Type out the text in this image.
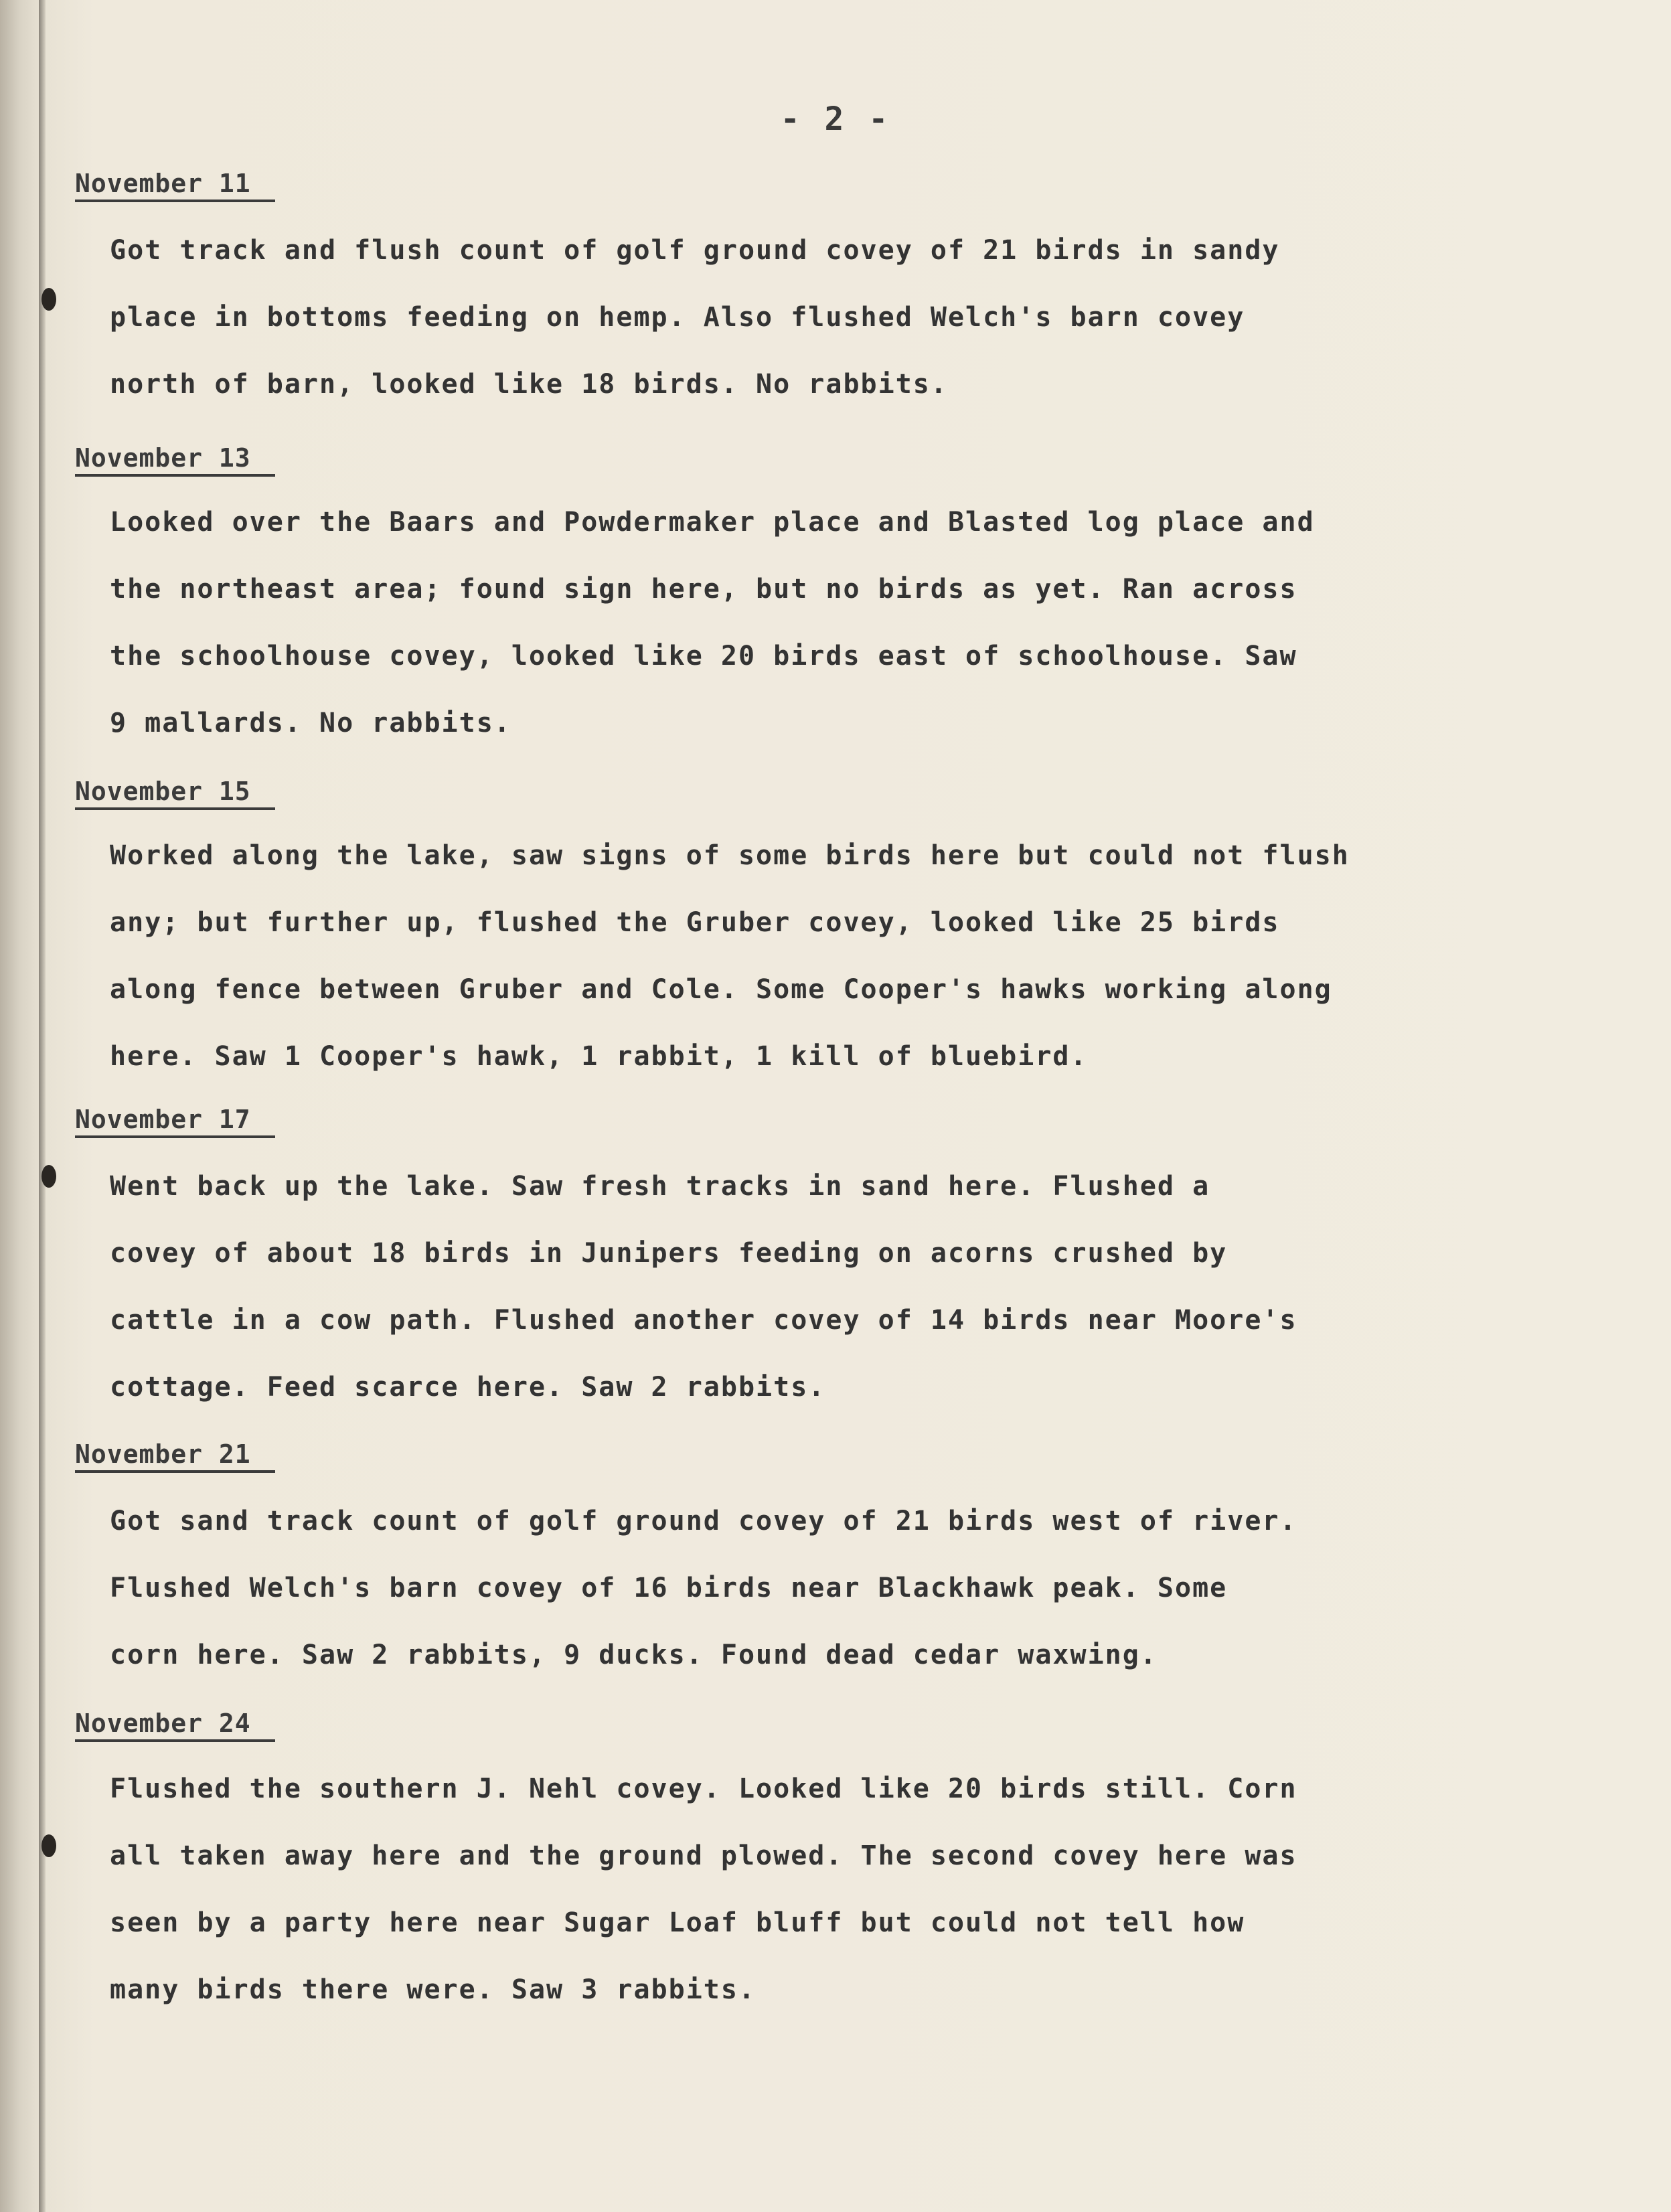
- 2 -
November 11
Got track and flush count of golf ground covey of 21 birds in sandy
place in bottoms feeding on hemp. Also flushed Welch's barn covey
north of barn, looked like 18 birds. No rabbits.
November 13
Looked over the Baars and Powdermaker place and Blasted log place and
the northeast area; found sign here, but no birds as yet. Ran across
the schoolhouse covey, looked like 20 birds east of schoolhouse. Saw
9 mallards. No rabbits.
November 15
Worked along the lake, saw signs of some birds here but could not flush
any; but further up, flushed the Gruber covey, looked like 25 birds
along fence between Gruber and Cole. Some Cooper's hawks working along
here. Saw 1 Cooper's hawk, 1 rabbit, 1 kill of bluebird.
November 17
Went back up the lake. Saw fresh tracks in sand here. Flushed a
covey of about 18 birds in Junipers feeding on acorns crushed by
cattle in a cow path. Flushed another covey of 14 birds near Moore's
cottage. Feed scarce here. Saw 2 rabbits.
November 21
Got sand track count of golf ground covey of 21 birds west of river.
Flushed Welch's barn covey of 16 birds near Blackhawk peak. Some
corn here. Saw 2 rabbits, 9 ducks. Found dead cedar waxwing.
November 24
Flushed the southern J. Nehl covey. Looked like 20 birds still. Corn
all taken away here and the ground plowed. The second covey here was
seen by a party here near Sugar Loaf bluff but could not tell how
many birds there were. Saw 3 rabbits.
